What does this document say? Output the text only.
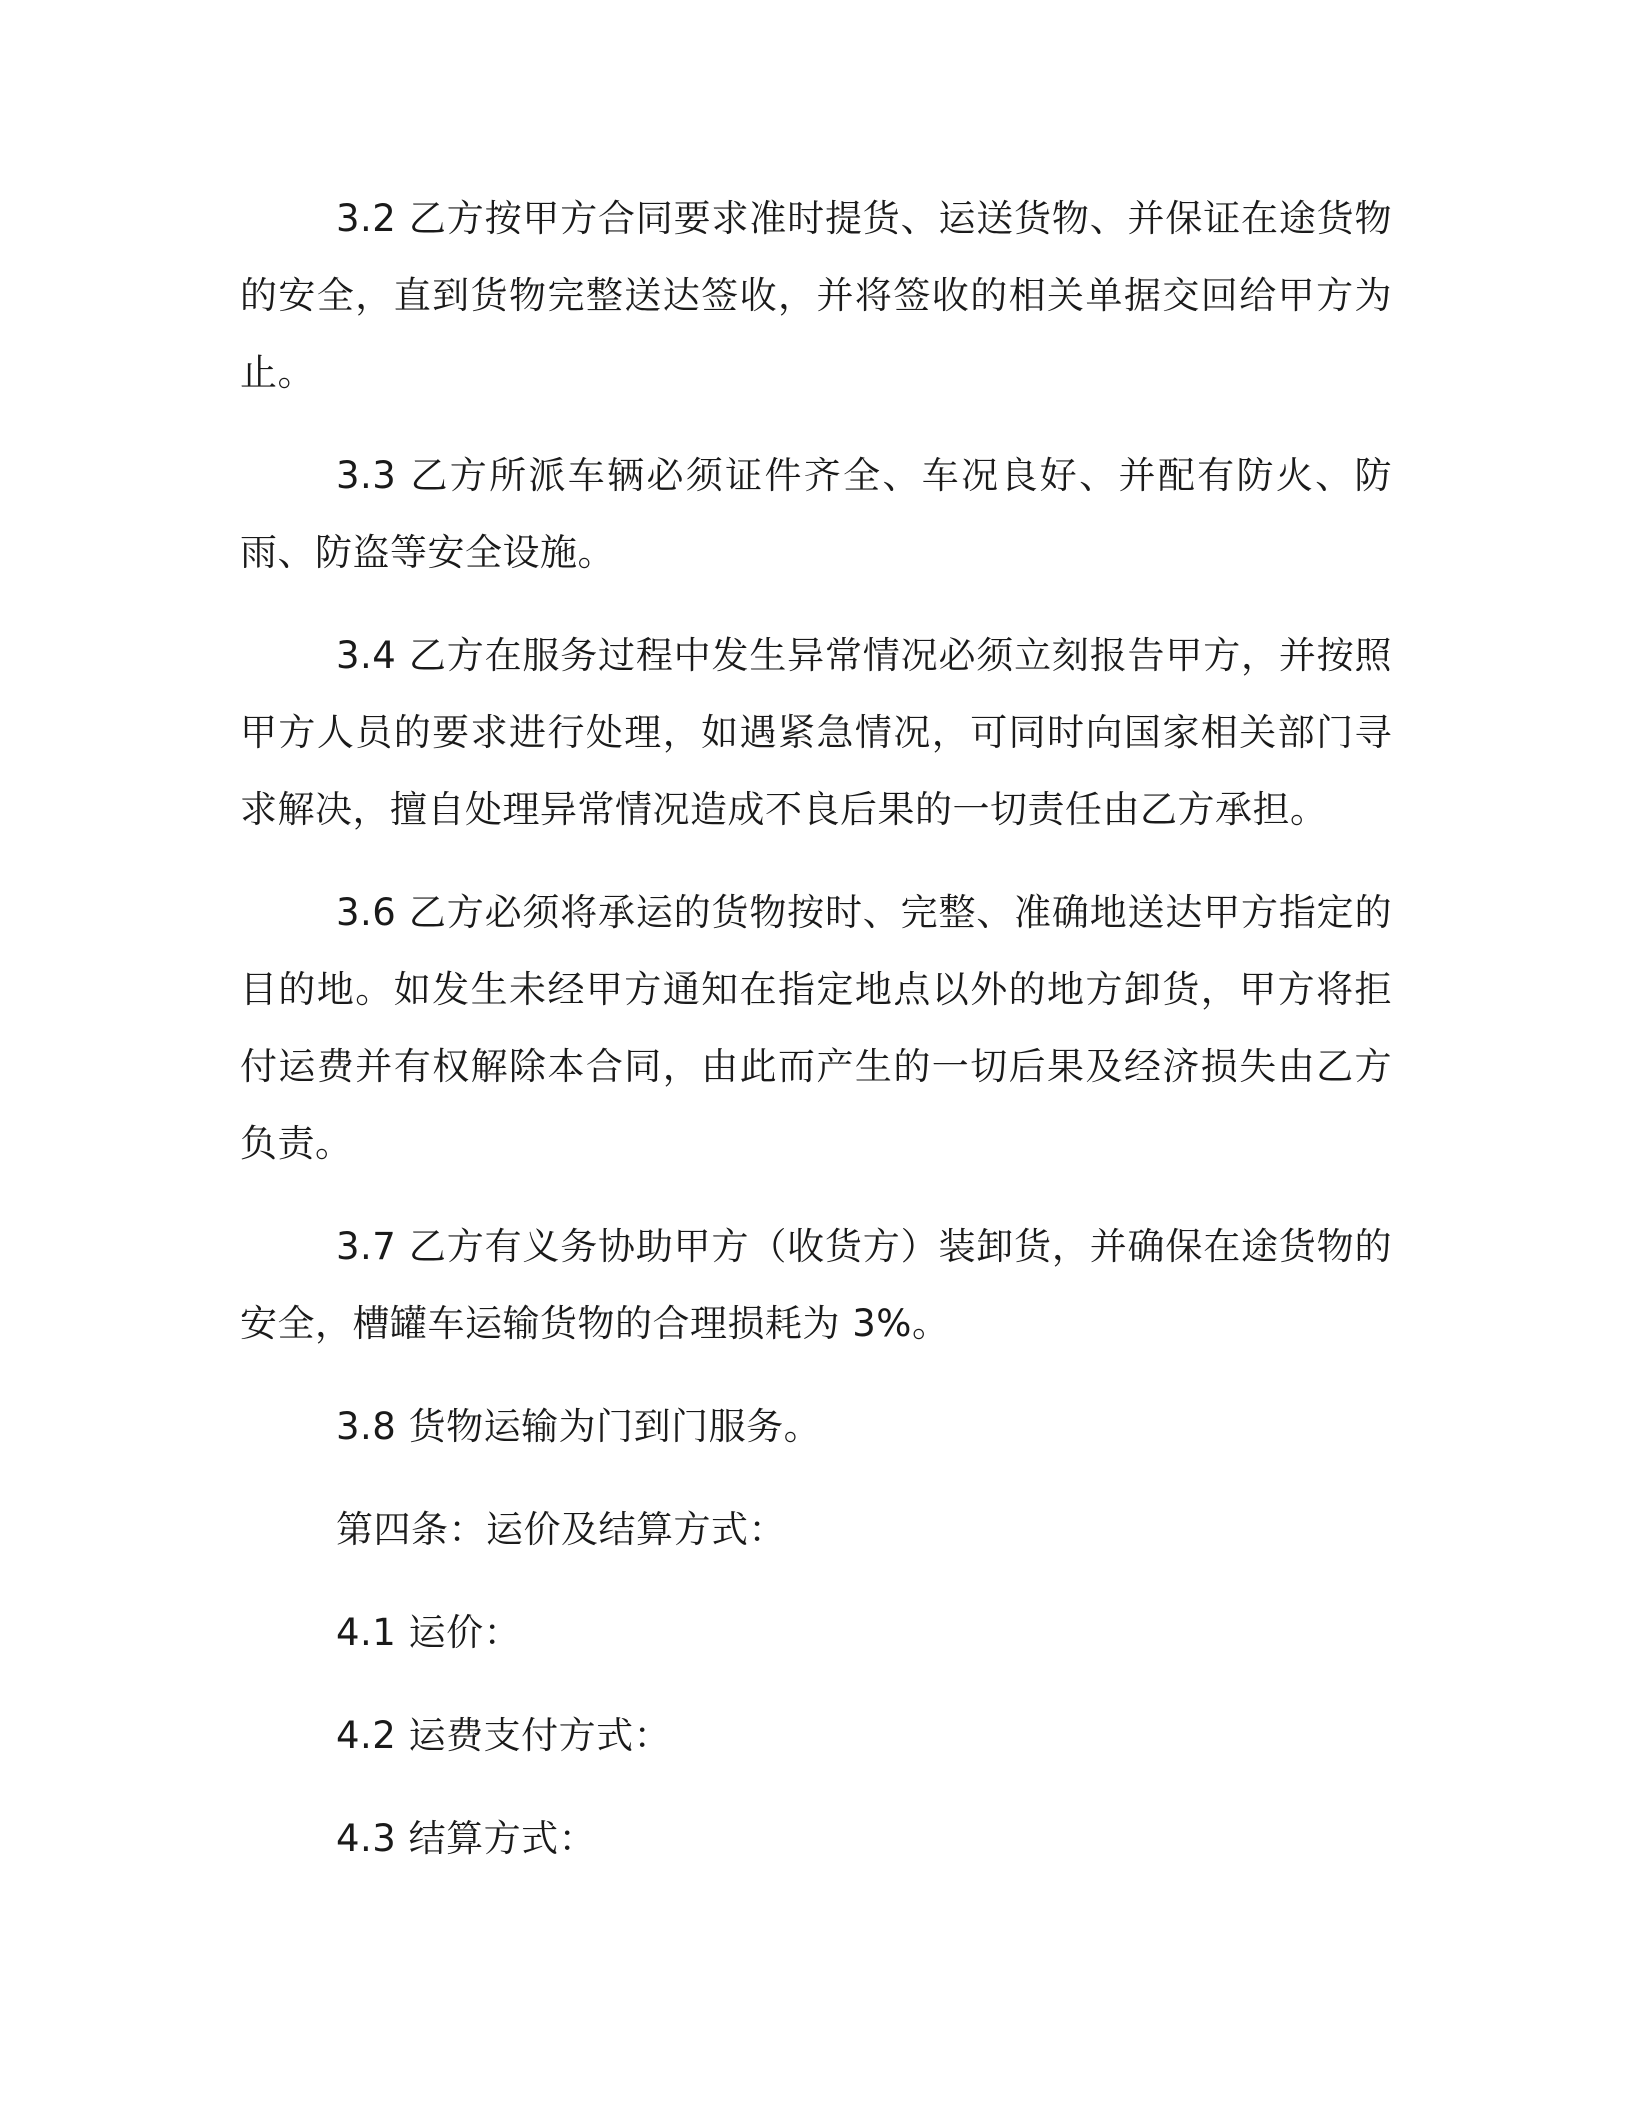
3.2 乙方按甲方合同要求准时提货、运送货物、并保证在途货物的安全，直到货物完整送达签收，并将签收的相关单据交回给甲方为止。

3.3 乙方所派车辆必须证件齐全、车况良好、并配有防火、防雨、防盗等安全设施。

3.4 乙方在服务过程中发生异常情况必须立刻报告甲方，并按照甲方人员的要求进行处理，如遇紧急情况，可同时向国家相关部门寻求解决，擅自处理异常情况造成不良后果的一切责任由乙方承担。

3.6 乙方必须将承运的货物按时、完整、准确地送达甲方指定的目的地。如发生未经甲方通知在指定地点以外的地方卸货，甲方将拒付运费并有权解除本合同，由此而产生的一切后果及经济损失由乙方负责。

3.7 乙方有义务协助甲方（收货方）装卸货，并确保在途货物的安全，槽罐车运输货物的合理损耗为 3%。

3.8 货物运输为门到门服务。

第四条：运价及结算方式：

4.1 运价：

4.2 运费支付方式：

4.3 结算方式：
